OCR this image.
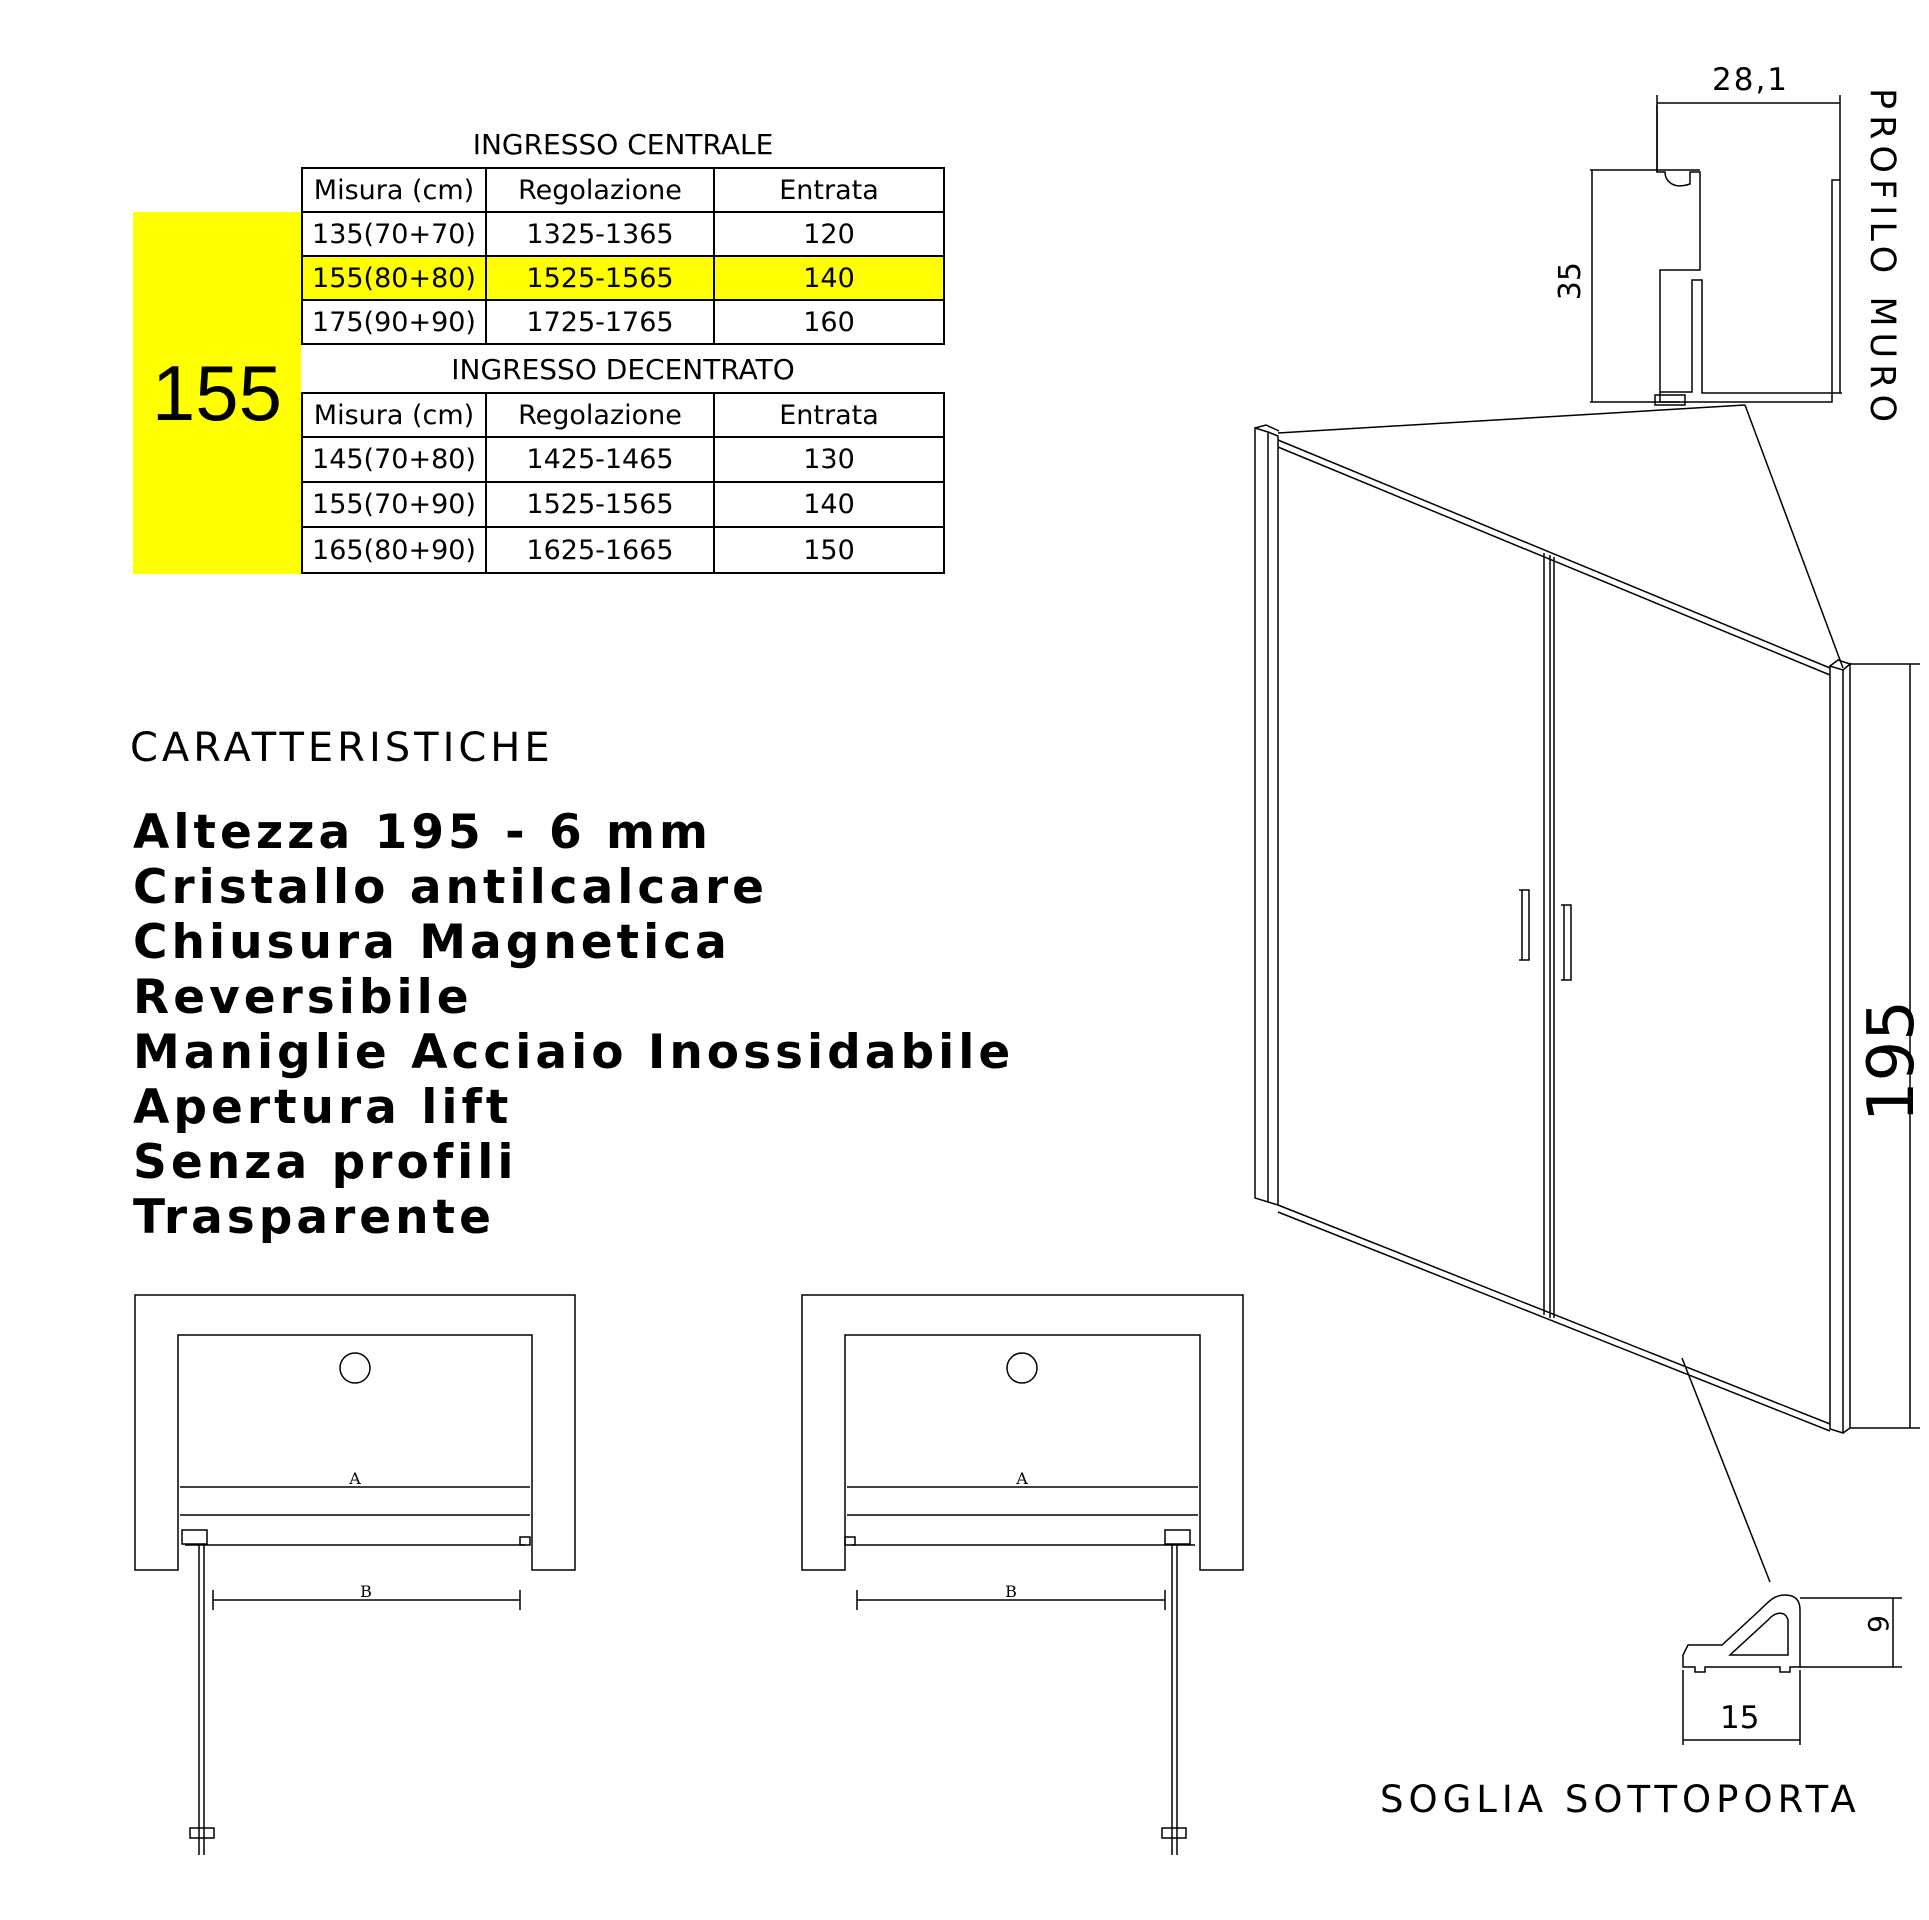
155
INGRESSO CENTRALE
Misura (cm)	Regolazione	Entrata
135(70+70)	1325-1365	120
155(80+80)	1525-1565	140
175(90+90)	1725-1765	160
INGRESSO DECENTRATO
Misura (cm)	Regolazione	Entrata
145(70+80)	1425-1465	130
155(70+90)	1525-1565	140
165(80+90)	1625-1665	150
CARATTERISTICHE
Altezza 195 - 6 mm
Cristallo antilcalcare
Chiusura Magnetica
Reversibile
Maniglie Acciaio Inossidabile
Apertura lift
Senza profili
Trasparente
A
B
A
B
PROFILO MURO
28,1
35
195
9
15
SOGLIA SOTTOPORTA
